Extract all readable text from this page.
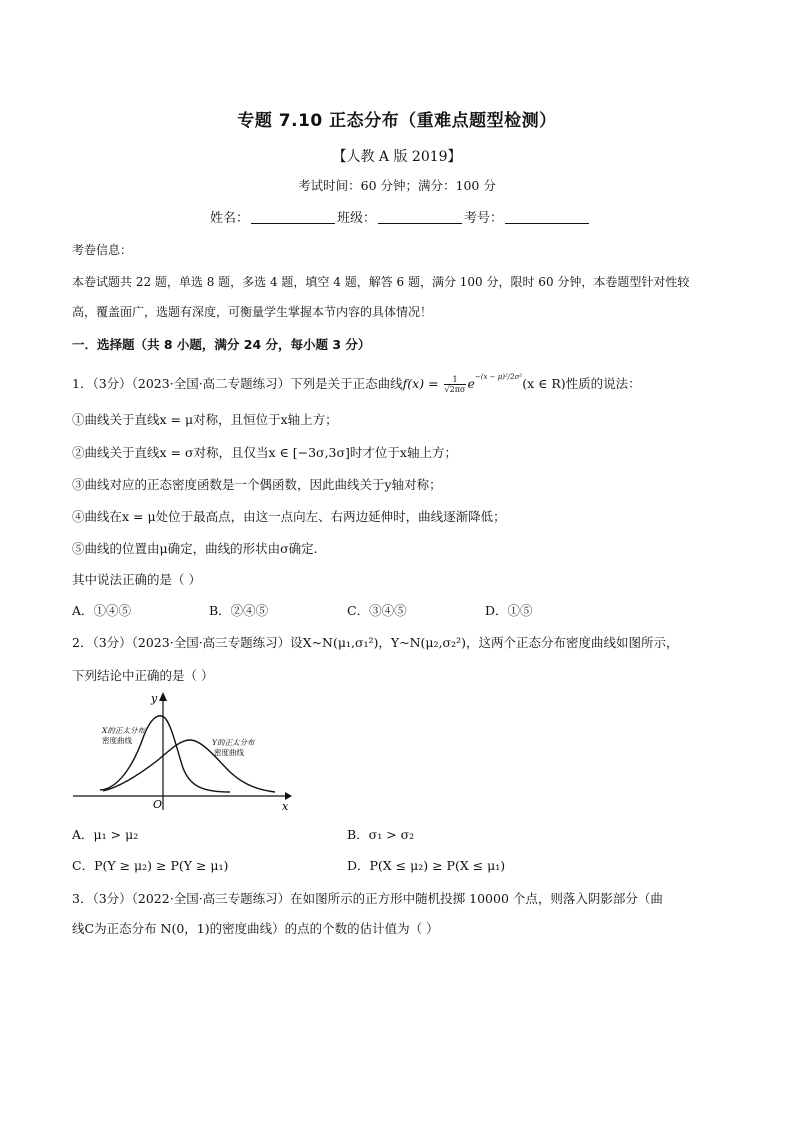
专题 7.10 正态分布（重难点题型检测）
【人教 A 版 2019】
考试时间：60 分钟；满分：100 分
姓名：	班级：	考号：
考卷信息：
本卷试题共 22 题，单选 8 题，多选 4 题，填空 4 题，解答 6 题，满分 100 分，限时 60 分钟，本卷题型针对性较
高，覆盖面广，选题有深度，可衡量学生掌握本节内容的具体情况！
一．选择题（共 8 小题，满分 24 分，每小题 3 分）
1．（3分）（2023·全国·高二专题练习）下列是关于正态曲线$f(x) = \frac{1}{√2\pi\sigma} e^{-(x - \mu)^2/2\sigma^2}(x$ ∈ R)性质的说法：
①曲线关于直线x = μ对称，且恒位于x轴上方；
②曲线关于直线x = σ对称，且仅当x ∈ [−3σ,3σ]时才位于x轴上方；
③曲线对应的正态密度函数是一个偶函数，因此曲线关于y轴对称；
④曲线在x = μ处位于最高点，由这一点向左、右两边延伸时，曲线逐渐降低；
⑤曲线的位置由μ确定，曲线的形状由σ确定.
其中说法正确的是（ ）
A．①④⑤	B．②④⑤	C．③④⑤	D．①⑤
2．（3分）（2023·全国·高三专题练习）设X~N(μ₁,σ₁²)，Y~N(μ₂,σ₂²)，这两个正态分布密度曲线如图所示，
下列结论中正确的是（ ）
y
x
O
X的正太分布
密度曲线	Y的正太分布
密度曲线
A．μ₁ > μ₂	B．σ₁ > σ₂
C．P(Y ≥ μ₂) ≥ P(Y ≥ μ₁)	D．P(X ≤ μ₂) ≥ P(X ≤ μ₁)
3．（3分）（2022·全国·高三专题练习）在如图所示的正方形中随机投掷 10000 个点，则落入阴影部分（曲
线C为正态分布 N(0，1)的密度曲线）的点的个数的估计值为（ ）
